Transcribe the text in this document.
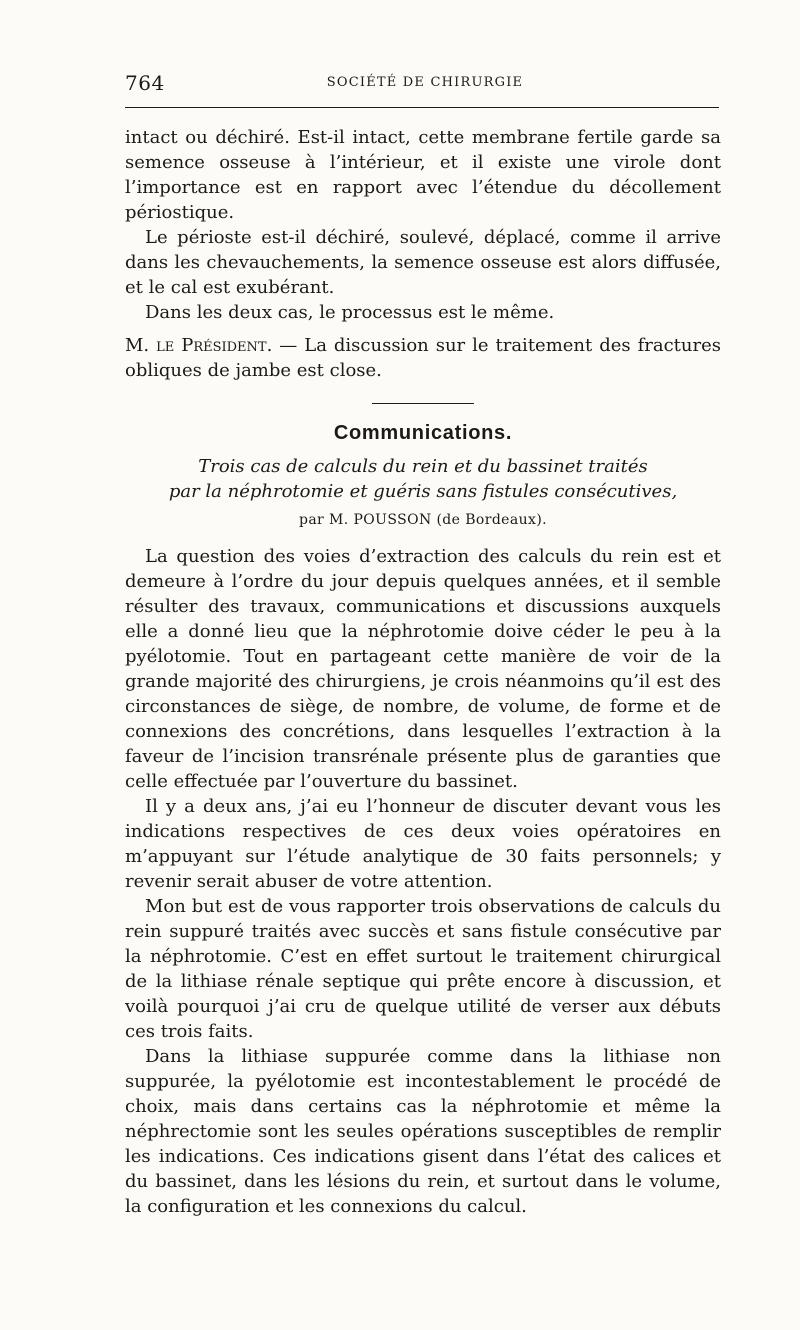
764	SOCIÉTÉ DE CHIRURGIE

intact ou déchiré. Est-il intact, cette membrane fertile garde sa semence osseuse à l’intérieur, et il existe une virole dont l’importance est en rapport avec l’étendue du décollement périostique.

Le périoste est-il déchiré, soulevé, déplacé, comme il arrive dans les chevauchements, la semence osseuse est alors diffusée, et le cal est exubérant.

Dans les deux cas, le processus est le même.

M. le Président. — La discussion sur le traitement des fractures obliques de jambe est close.

Communications.
Trois cas de calculs du rein et du bassinet traités
par la néphrotomie et guéris sans fistules consécutives,
par M. POUSSON (de Bordeaux).

La question des voies d’extraction des calculs du rein est et demeure à l’ordre du jour depuis quelques années, et il semble résulter des travaux, communications et discussions auxquels elle a donné lieu que la néphrotomie doive céder le peu à la pyélotomie. Tout en partageant cette manière de voir de la grande majorité des chirurgiens, je crois néanmoins qu’il est des circonstances de siège, de nombre, de volume, de forme et de connexions des concrétions, dans lesquelles l’extraction à la faveur de l’incision transrénale présente plus de garanties que celle effectuée par l’ouverture du bassinet.

Il y a deux ans, j’ai eu l’honneur de discuter devant vous les indications respectives de ces deux voies opératoires en m’appuyant sur l’étude analytique de 30 faits personnels; y revenir serait abuser de votre attention.

Mon but est de vous rapporter trois observations de calculs du rein suppuré traités avec succès et sans fistule consécutive par la néphrotomie. C’est en effet surtout le traitement chirurgical de la lithiase rénale septique qui prête encore à discussion, et voilà pourquoi j’ai cru de quelque utilité de verser aux débuts ces trois faits.

Dans la lithiase suppurée comme dans la lithiase non suppurée, la pyélotomie est incontestablement le procédé de choix, mais dans certains cas la néphrotomie et même la néphrectomie sont les seules opérations susceptibles de remplir les indications. Ces indications gisent dans l’état des calices et du bassinet, dans les lésions du rein, et surtout dans le volume, la configuration et les connexions du calcul.
